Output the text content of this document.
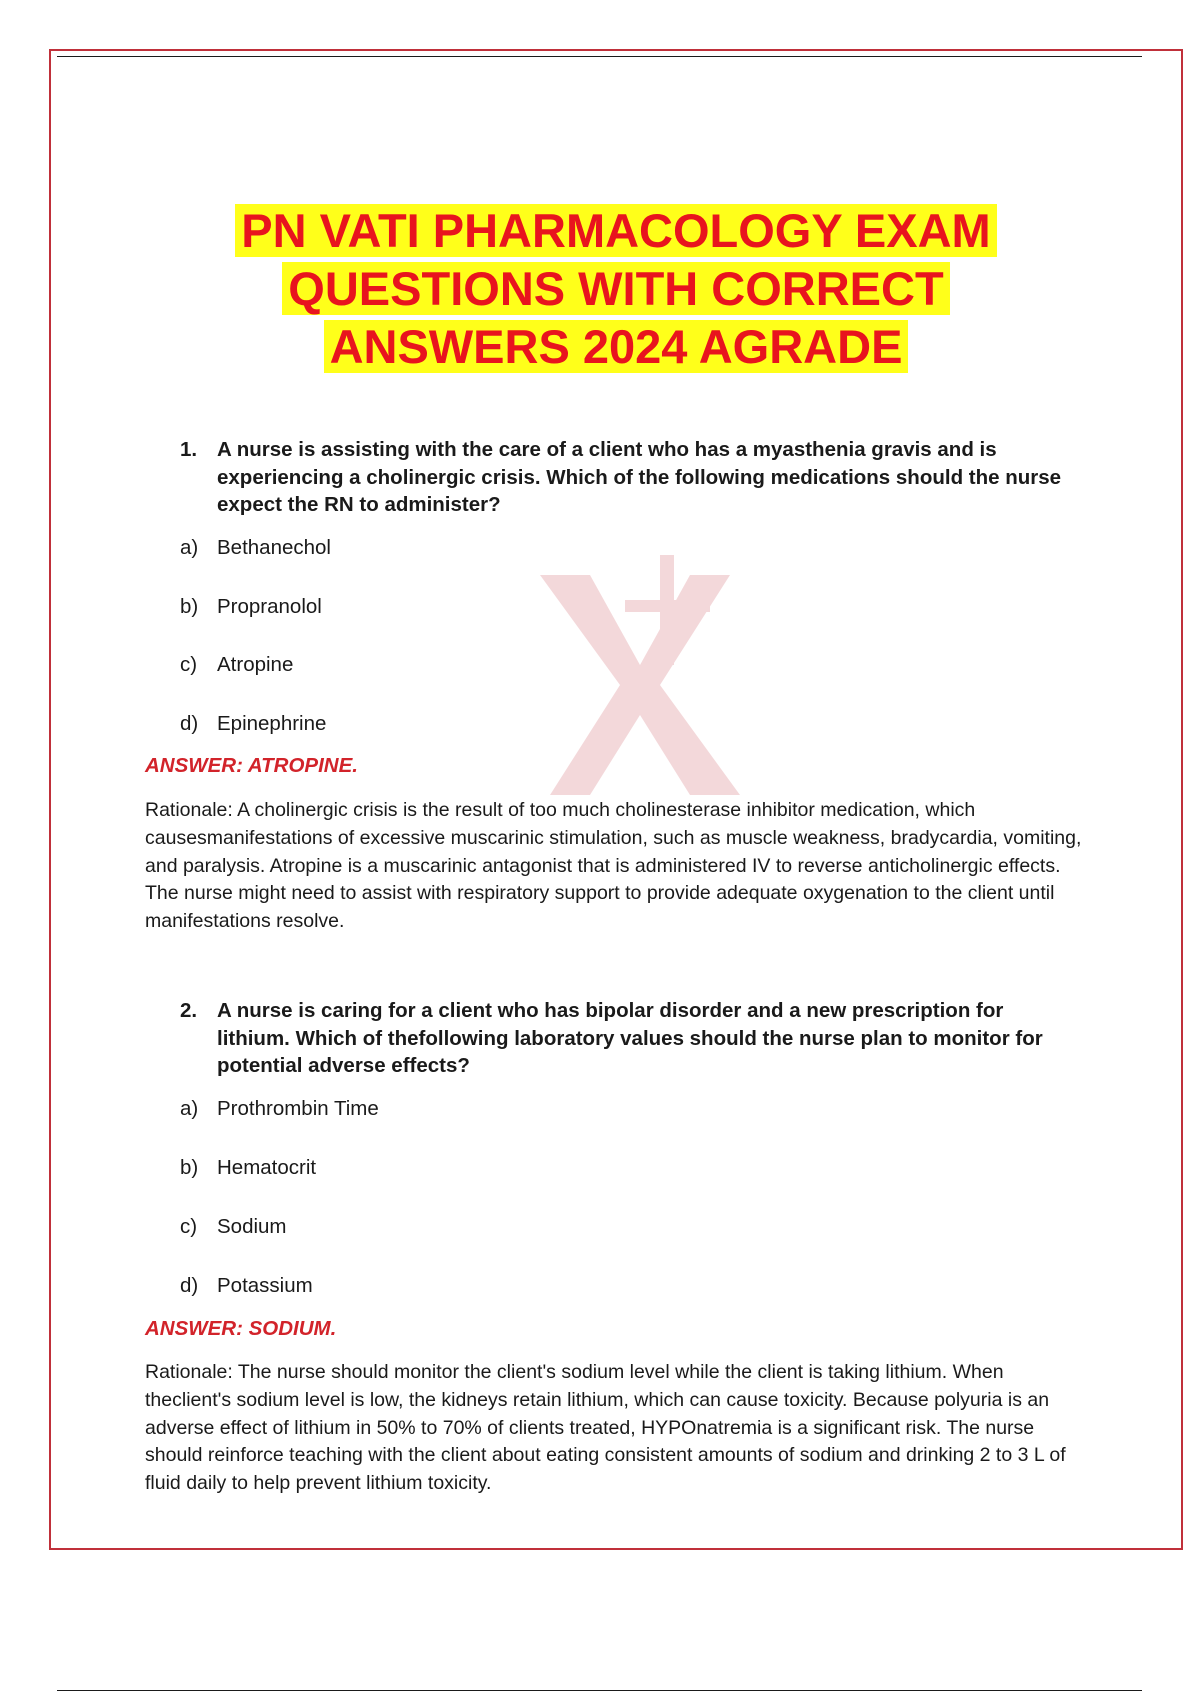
PN VATI PHARMACOLOGY EXAM
QUESTIONS WITH CORRECT
ANSWERS 2024 AGRADE
1. A nurse is assisting with the care of a client who has a myasthenia gravis and is experiencing a cholinergic crisis. Which of the following medications should the nurse expect the RN to administer?
a) Bethanechol
b) Propranolol
c) Atropine
d) Epinephrine
ANSWER: ATROPINE.
Rationale: A cholinergic crisis is the result of too much cholinesterase inhibitor medication, which causesmanifestations of excessive muscarinic stimulation, such as muscle weakness, bradycardia, vomiting, and paralysis. Atropine is a muscarinic antagonist that is administered IV to reverse anticholinergic effects. The nurse might need to assist with respiratory support to provide adequate oxygenation to the client until manifestations resolve.
2. A nurse is caring for a client who has bipolar disorder and a new prescription for lithium. Which of thefollowing laboratory values should the nurse plan to monitor for potential adverse effects?
a) Prothrombin Time
b) Hematocrit
c) Sodium
d) Potassium
ANSWER: SODIUM.
Rationale: The nurse should monitor the client's sodium level while the client is taking lithium. When theclient's sodium level is low, the kidneys retain lithium, which can cause toxicity. Because polyuria is an adverse effect of lithium in 50% to 70% of clients treated, HYPOnatremia is a significant risk. The nurse should reinforce teaching with the client about eating consistent amounts of sodium and drinking 2 to 3 L of fluid daily to help prevent lithium toxicity.
